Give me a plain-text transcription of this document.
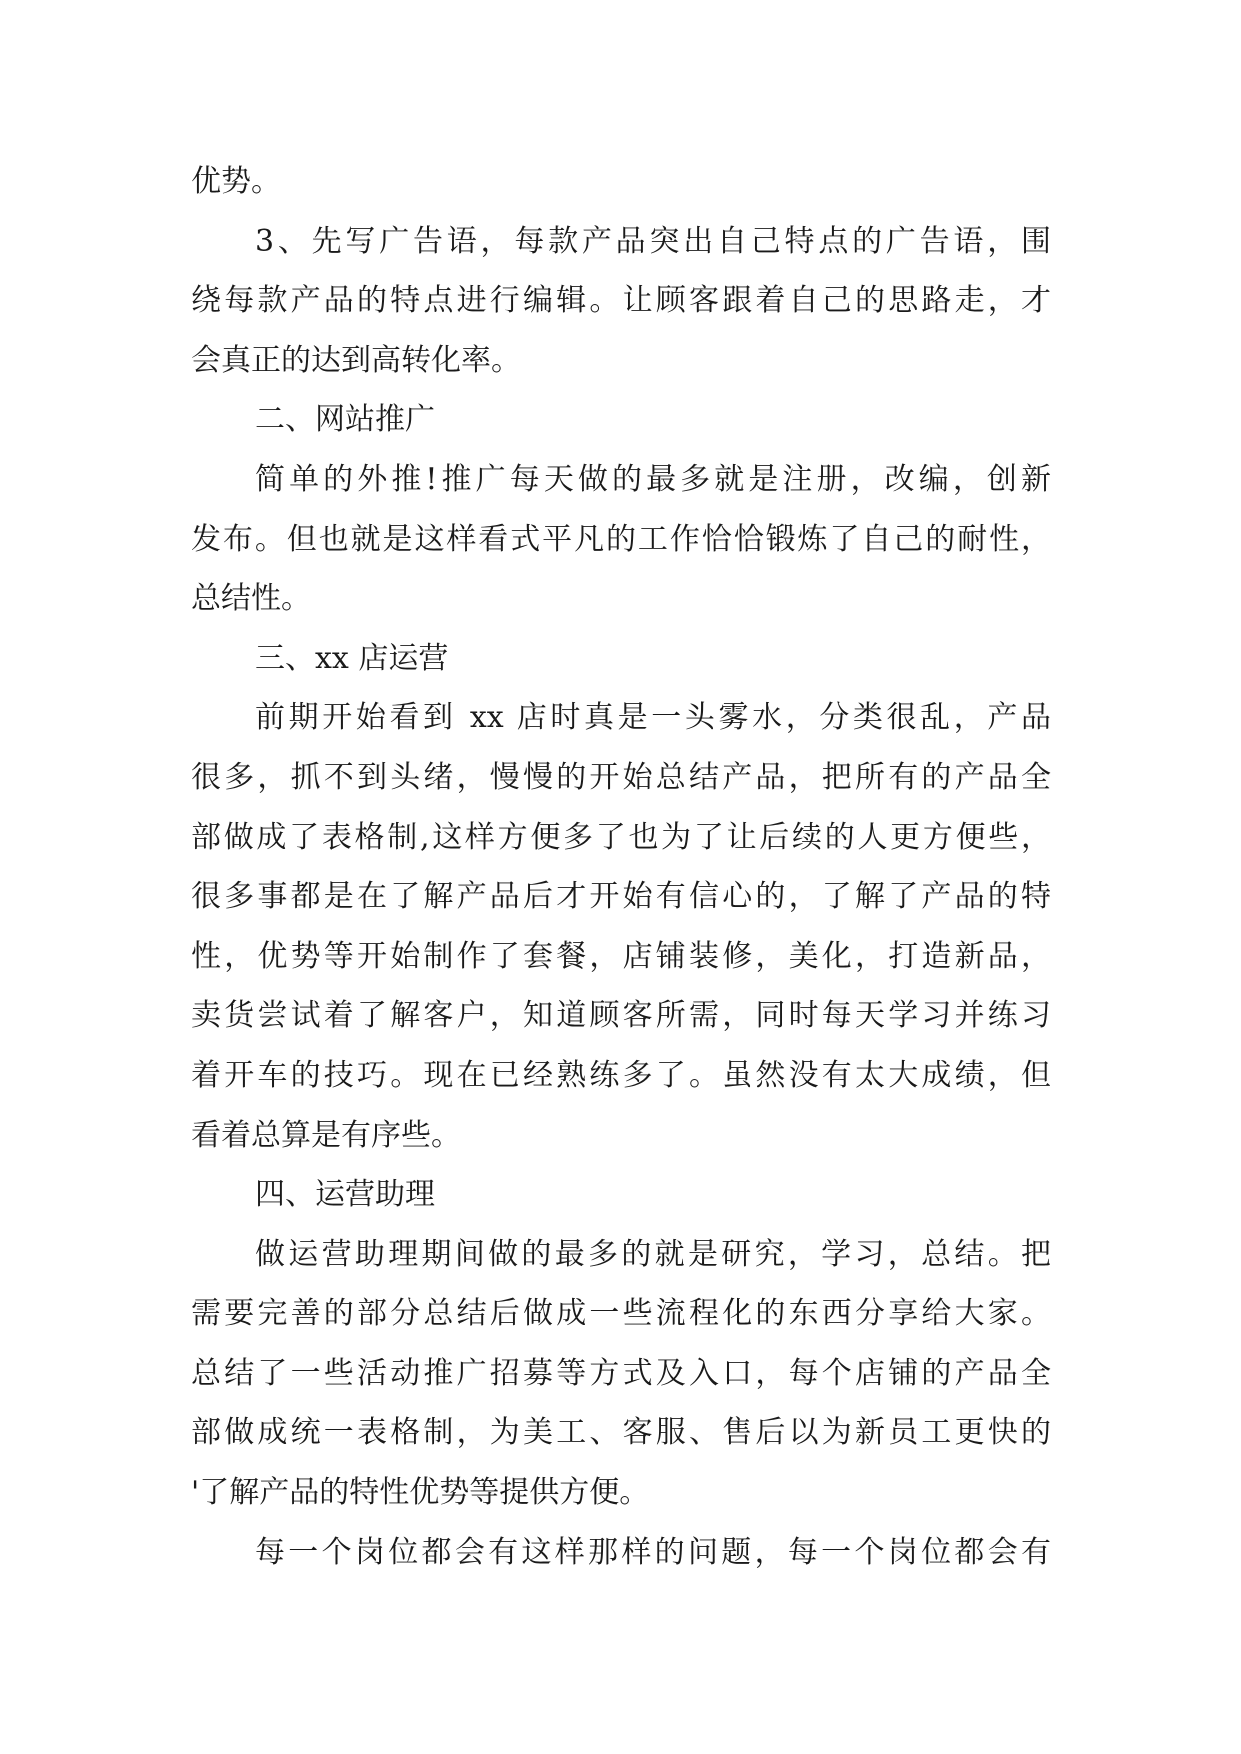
优势。
3、先写广告语，每款产品突出自己特点的广告语，围
绕每款产品的特点进行编辑。让顾客跟着自己的思路走，才
会真正的达到高转化率。
二、网站推广
简单的外推!推广每天做的最多就是注册，改编，创新
发布。但也就是这样看式平凡的工作恰恰锻炼了自己的耐性，
总结性。
三、xx 店运营
前期开始看到 xx 店时真是一头雾水，分类很乱，产品
很多，抓不到头绪，慢慢的开始总结产品，把所有的产品全
部做成了表格制,这样方便多了也为了让后续的人更方便些，
很多事都是在了解产品后才开始有信心的，了解了产品的特
性，优势等开始制作了套餐，店铺装修，美化，打造新品，
卖货尝试着了解客户，知道顾客所需，同时每天学习并练习
着开车的技巧。现在已经熟练多了。虽然没有太大成绩，但
看着总算是有序些。
四、运营助理
做运营助理期间做的最多的就是研究，学习，总结。把
需要完善的部分总结后做成一些流程化的东西分享给大家。
总结了一些活动推广招募等方式及入口，每个店铺的产品全
部做成统一表格制，为美工、客服、售后以为新员工更快的
'了解产品的特性优势等提供方便。
每一个岗位都会有这样那样的问题，每一个岗位都会有
